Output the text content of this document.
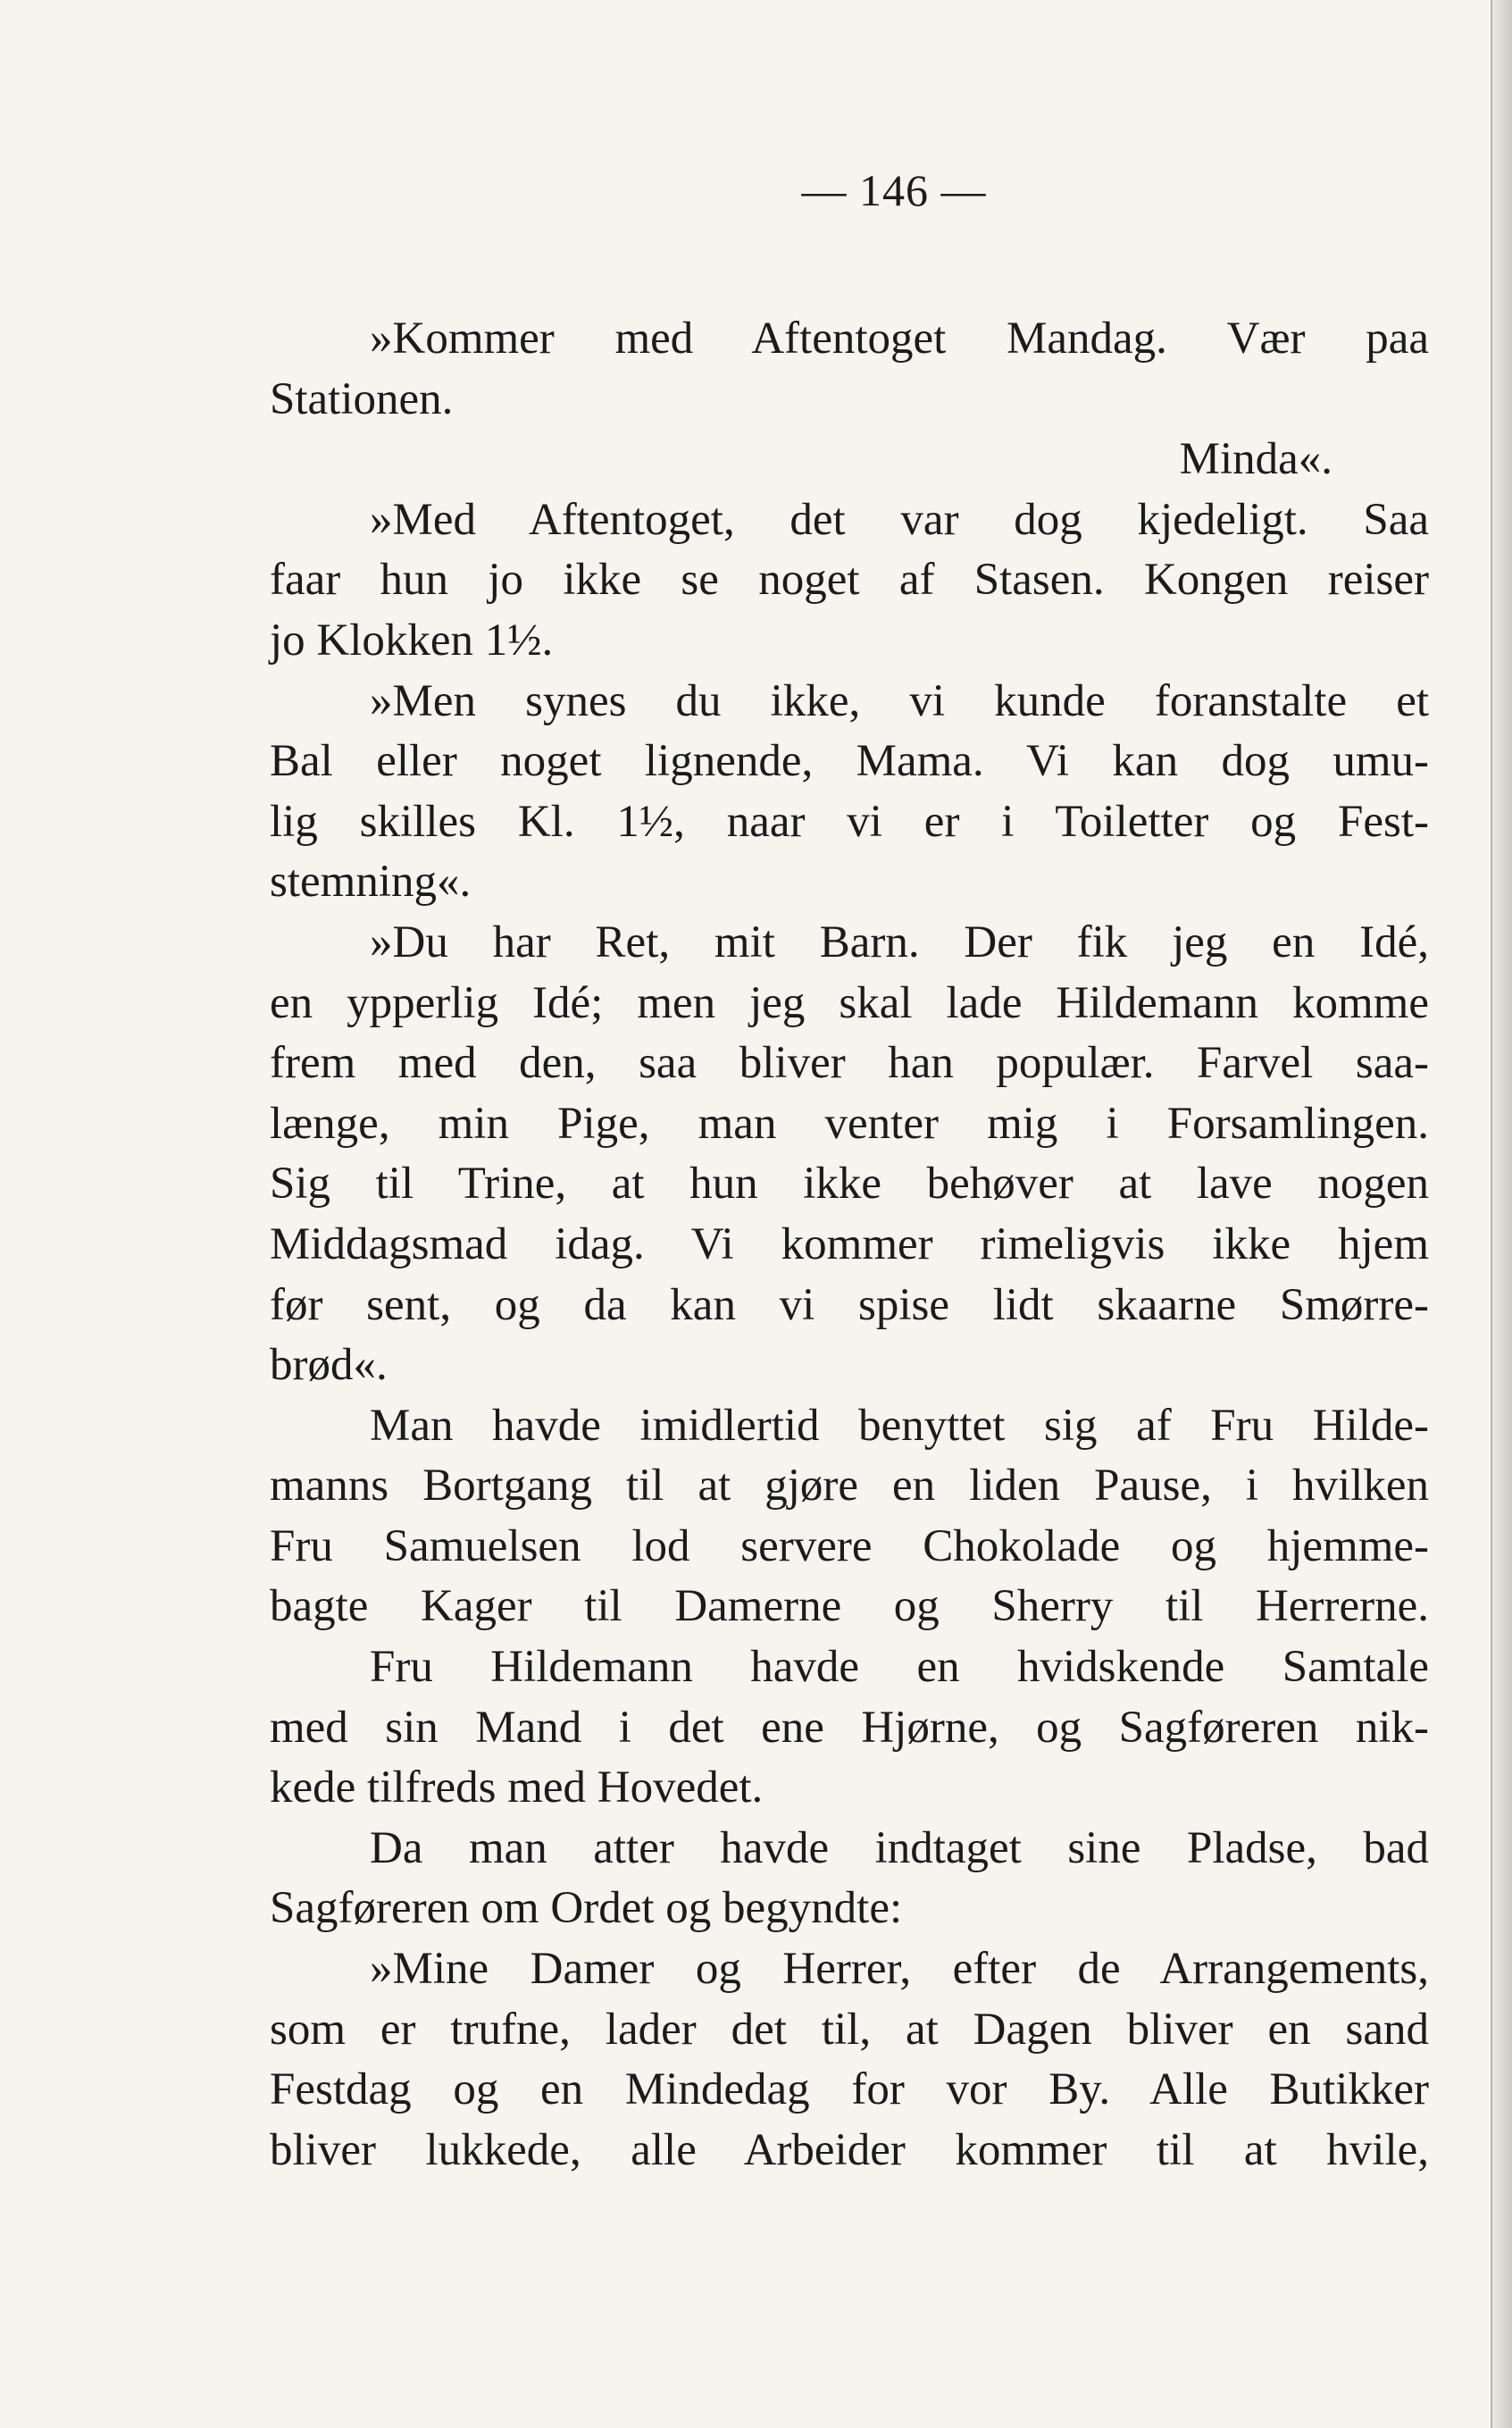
— 146 —
»Kommer med Aftentoget Mandag. Vær paa
Stationen.
Minda«.
»Med Aftentoget, det var dog kjedeligt. Saa
faar hun jo ikke se noget af Stasen. Kongen reiser
jo Klokken 1½.
»Men synes du ikke, vi kunde foranstalte et
Bal eller noget lignende, Mama. Vi kan dog umu-
lig skilles Kl. 1½, naar vi er i Toiletter og Fest-
stemning«.
»Du har Ret, mit Barn. Der fik jeg en Idé,
en ypperlig Idé; men jeg skal lade Hildemann komme
frem med den, saa bliver han populær. Farvel saa-
længe, min Pige, man venter mig i Forsamlingen.
Sig til Trine, at hun ikke behøver at lave nogen
Middagsmad idag. Vi kommer rimeligvis ikke hjem
før sent, og da kan vi spise lidt skaarne Smørre-
brød«.
Man havde imidlertid benyttet sig af Fru Hilde-
manns Bortgang til at gjøre en liden Pause, i hvilken
Fru Samuelsen lod servere Chokolade og hjemme-
bagte Kager til Damerne og Sherry til Herrerne.
Fru Hildemann havde en hvidskende Samtale
med sin Mand i det ene Hjørne, og Sagføreren nik-
kede tilfreds med Hovedet.
Da man atter havde indtaget sine Pladse, bad
Sagføreren om Ordet og begyndte:
»Mine Damer og Herrer, efter de Arrangements,
som er trufne, lader det til, at Dagen bliver en sand
Festdag og en Mindedag for vor By. Alle Butikker
bliver lukkede, alle Arbeider kommer til at hvile,
